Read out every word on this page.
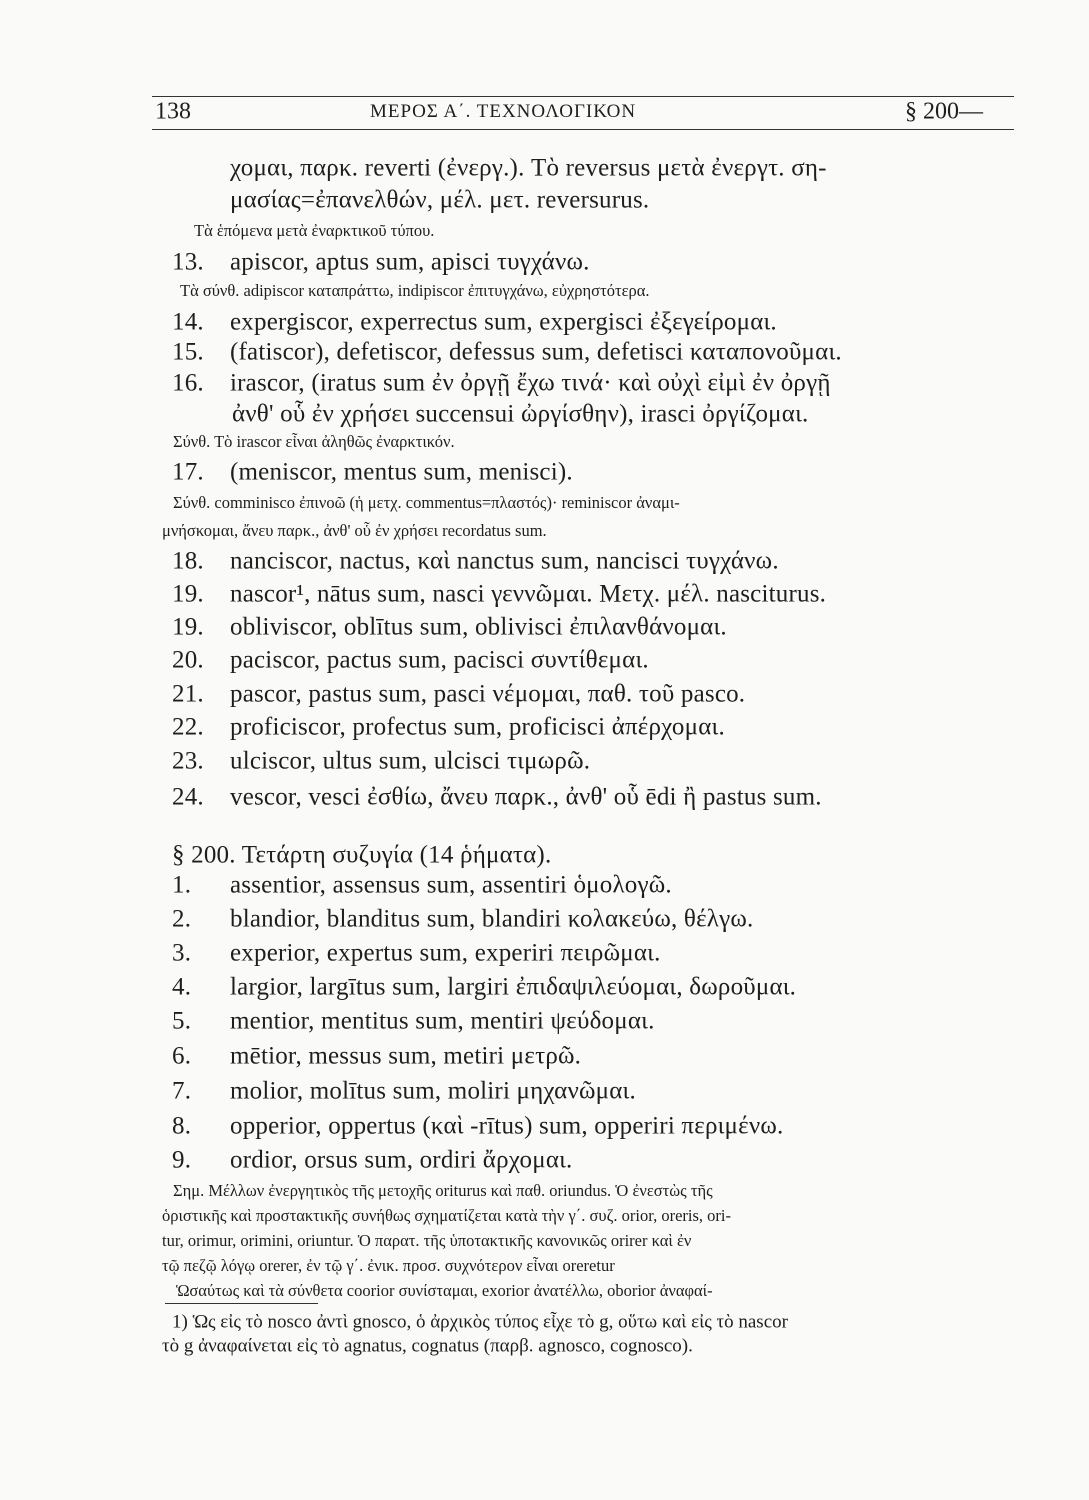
138	ΜΕΡΟΣ Α΄. ΤΕΧΝΟΛΟΓΙΚΟΝ	§ 200—
χομαι, παρκ. reverti (ἐνεργ.). Τὸ reversus μετὰ ἐνεργτ. ση-
μασίας=ἐπανελθών, μέλ. μετ. reversurus.
Τὰ ἑπόμενα μετὰ ἐναρκτικοῦ τύπου.
13. apiscor, aptus sum, apisci τυγχάνω.
Τὰ σύνθ. adipiscor καταπράττω, indipiscor ἐπιτυγχάνω, εὐχρηστότερα.
14. expergiscor, experrectus sum, expergisci ἐξεγείρομαι.
15. (fatiscor), defetiscor, defessus sum, defetisci καταπονοῦμαι.
16. irascor, (iratus sum ἐν ὀργῇ ἔχω τινά· καὶ οὐχὶ εἰμὶ ἐν ὀργῇ
ἀνθ' οὗ ἐν χρήσει succensui ὠργίσθην), irasci ὀργίζομαι.
Σύνθ. Τὸ irascor εἶναι ἀληθῶς ἐναρκτικόν.
17. (meniscor, mentus sum, menisci).
Σύνθ. comminisco ἐπινοῶ (ἡ μετχ. commentus=πλαστός)· reminiscor ἀναμι-
μνήσκομαι, ἄνευ παρκ., ἀνθ' οὗ ἐν χρήσει recordatus sum.
18. nanciscor, nactus, καὶ nanctus sum, nancisci τυγχάνω.
19. nascor¹, nātus sum, nasci γεννῶμαι. Μετχ. μέλ. nasciturus.
19. obliviscor, oblītus sum, oblivisci ἐπιλανθάνομαι.
20. paciscor, pactus sum, pacisci συντίθεμαι.
21. pascor, pastus sum, pasci νέμομαι, παθ. τοῦ pasco.
22. proficiscor, profectus sum, proficisci ἀπέρχομαι.
23. ulciscor, ultus sum, ulcisci τιμωρῶ.
24. vescor, vesci ἐσθίω, ἄνευ παρκ., ἀνθ' οὗ ēdi ἢ pastus sum.
§ 200. Τετάρτη συζυγία (14 ῥήματα).
1. assentior, assensus sum, assentiri ὁμολογῶ.
2. blandior, blanditus sum, blandiri κολακεύω, θέλγω.
3. experior, expertus sum, experiri πειρῶμαι.
4. largior, largītus sum, largiri ἐπιδαψιλεύομαι, δωροῦμαι.
5. mentior, mentitus sum, mentiri ψεύδομαι.
6. mētior, messus sum, metiri μετρῶ.
7. molior, molītus sum, moliri μηχανῶμαι.
8. opperior, oppertus (καὶ -rītus) sum, opperiri περιμένω.
9. ordior, orsus sum, ordiri ἄρχομαι.
Σημ. Μέλλων ἐνεργητικὸς τῆς μετοχῆς oriturus καὶ παθ. oriundus. Ὁ ἐνεστὼς τῆς
ὁριστικῆς καὶ προστακτικῆς συνήθως σχηματίζεται κατὰ τὴν γ΄. συζ. orior, oreris, ori-
tur, orimur, orimini, oriuntur. Ὁ παρατ. τῆς ὑποτακτικῆς κανονικῶς orirer καὶ ἐν
τῷ πεζῷ λόγῳ orerer, ἐν τῷ γ΄. ἐνικ. προσ. συχνότερον εἶναι oreretur
Ὡσαύτως καὶ τὰ σύνθετα coorior συνίσταμαι, exorior ἀνατέλλω, oborior ἀναφαί-
1) Ὡς εἰς τὸ nosco ἀντὶ gnosco, ὁ ἀρχικὸς τύπος εἶχε τὸ g, οὕτω καὶ εἰς τὸ nascor
τὸ g ἀναφαίνεται εἰς τὸ agnatus, cognatus (παρβ. agnosco, cognosco).
